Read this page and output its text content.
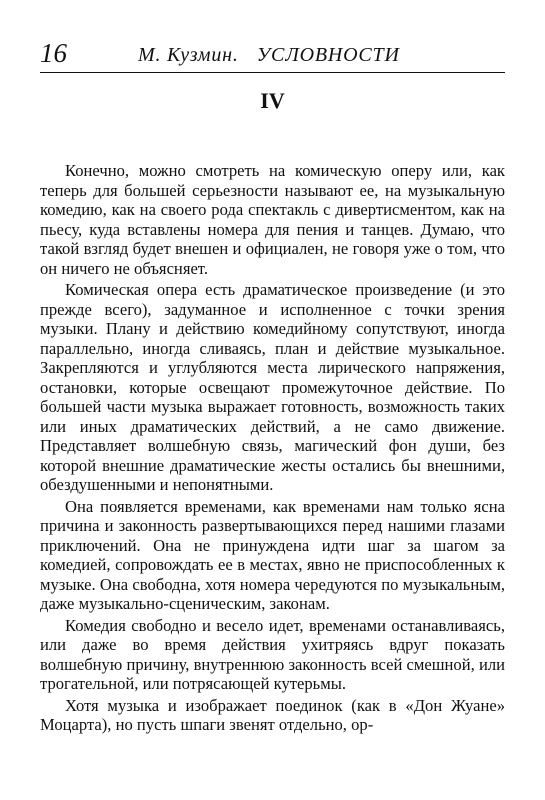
16	М. Кузмин. УСЛОВНОСТИ
IV

Конечно, можно смотреть на комическую оперу или, как теперь для большей серьезности называют ее, на музыкальную комедию, как на своего рода спектакль с дивертисментом, как на пьесу, куда вставлены номера для пения и танцев. Думаю, что такой взгляд будет внешен и официален, не говоря уже о том, что он ничего не объясняет.

Комическая опера есть драматическое произведение (и это прежде всего), задуманное и исполненное с точки зрения музыки. Плану и действию комедийному сопутствуют, иногда параллельно, иногда сливаясь, план и действие музыкальное. Закрепляются и углубляются места лирического напряжения, остановки, которые освещают промежуточное действие. По большей части музыка выражает готовность, возможность таких или иных драматических действий, а не само движение. Представляет волшебную связь, магический фон души, без которой внешние драматические жесты остались бы внешними, обездушенными и непонятными.

Она появляется временами, как временами нам только ясна причина и законность развертывающихся перед нашими глазами приключений. Она не принуждена идти шаг за шагом за комедией, сопровождать ее в местах, явно не приспособленных к музыке. Она свободна, хотя номера чередуются по музыкальным, даже музыкально-сценическим, законам.

Комедия свободно и весело идет, временами останавливаясь, или даже во время действия ухитряясь вдруг показать волшебную причину, внутреннюю законность всей смешной, или трогательной, или потрясающей кутерьмы.

Хотя музыка и изображает поединок (как в «Дон Жуане» Моцарта), но пусть шпаги звенят отдельно, ор-
